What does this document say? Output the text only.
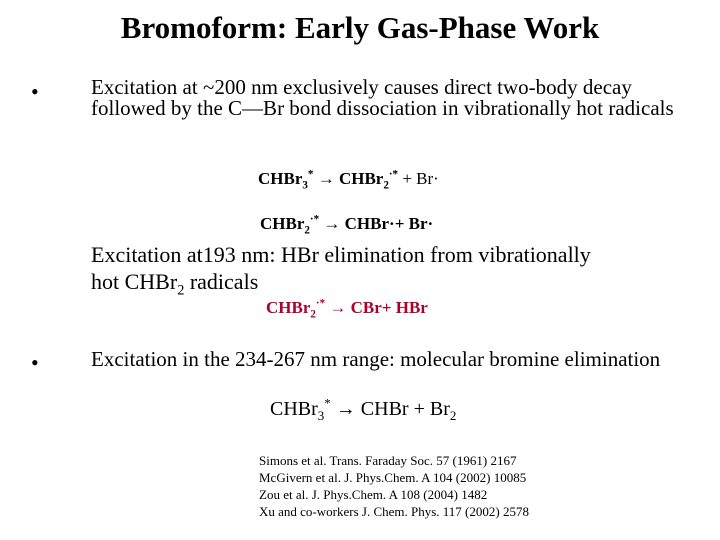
Bromoform: Early Gas-Phase Work
• Excitation at ~200 nm exclusively causes direct two-body decay followed by the C—Br bond dissociation in vibrationally hot radicals
CHBr$_3$* → CHBr$_2$·* + Br·
CHBr$_2$·* → CHBr·+ Br·
Excitation at193 nm: HBr elimination from vibrationally
hot CHBr$_2$ radicals
CHBr$_2$·* → CBr+ HBr
• Excitation in the 234-267 nm range: molecular bromine elimination
CHBr$_3$* → CHBr + $Br_2$
Simons et al. Trans. Faraday Soc. 57 (1961) 2167
McGivern et al. J. Phys.Chem. A 104 (2002) 10085
Zou et al. J. Phys.Chem. A 108 (2004) 1482
Xu and co-workers J. Chem. Phys. 117 (2002) 2578
